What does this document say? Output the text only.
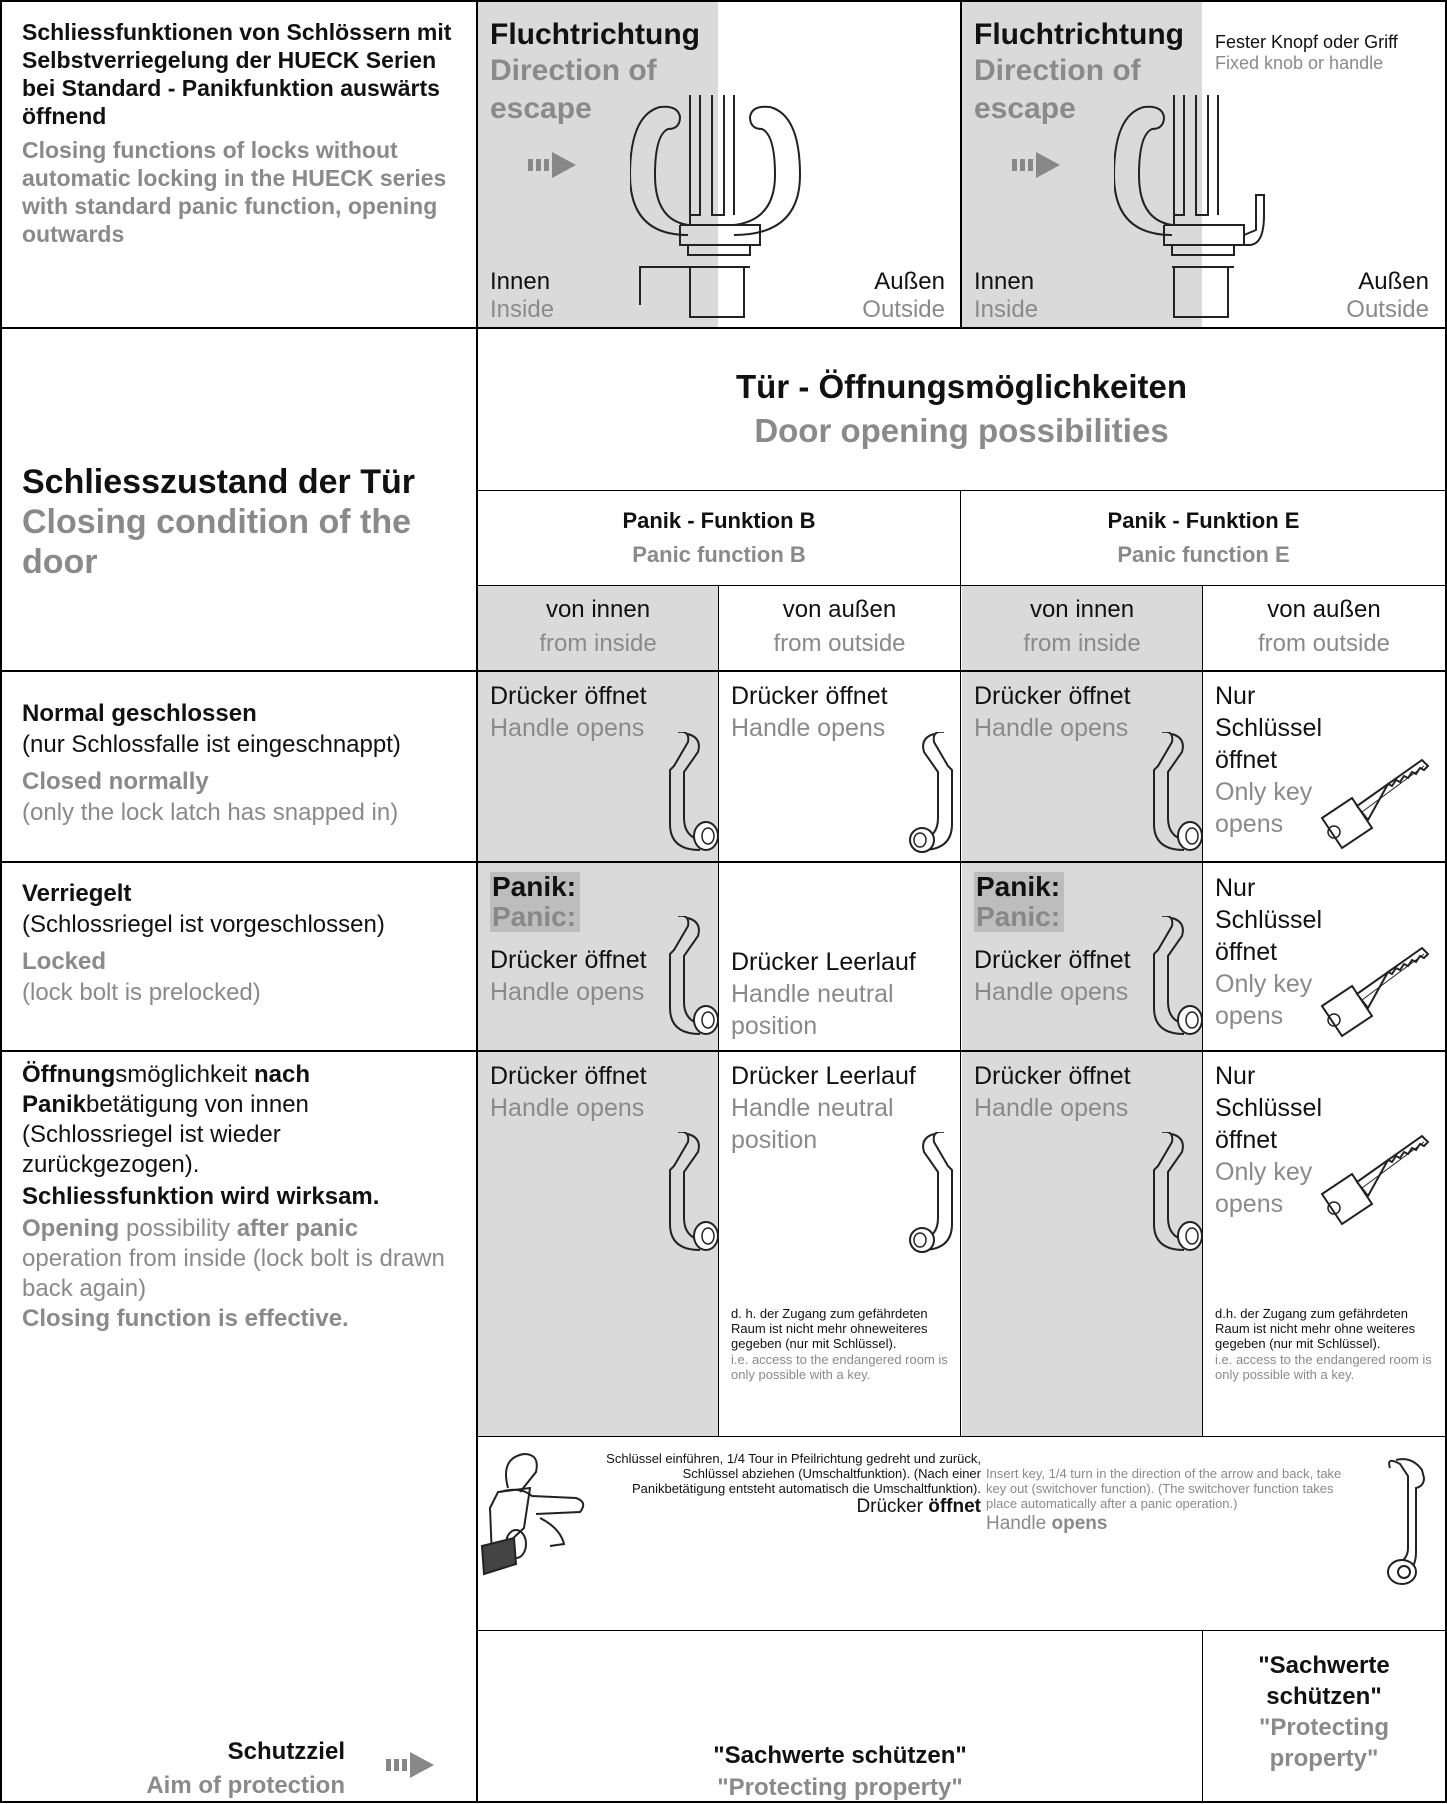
Schliessfunktionen von Schlössern mit Selbstverriegelung der HUECK Serien bei Standard - Panikfunktion auswärts öffnend
Closing functions of locks without automatic locking in the HUECK series with standard panic function, opening outwards
Fluchtrichtung
Direction of escape
Innen
Inside
Außen
Outside
Fluchtrichtung
Direction of escape
Fester Knopf oder Griff
Fixed knob or handle
Innen
Inside
Außen
Outside
Schliesszustand der Tür
Closing condition of the door
Tür - Öffnungsmöglichkeiten
Door opening possibilities
Panik - Funktion B
Panic function B
Panik - Funktion E
Panic function E
von innen
from inside
von außen
from outside
von innen
from inside
von außen
from outside
Normal geschlossen
(nur Schlossfalle ist eingeschnappt)
Closed normally
(only the lock latch has snapped in)
Verriegelt
(Schlossriegel ist vorgeschlossen)
Locked
(lock bolt is prelocked)
Öffnungsmöglichkeit nach
Panikbetätigung von innen
(Schlossriegel ist wieder zurückgezogen).
Schliessfunktion wird wirksam.
Opening possibility after panic
operation from inside (lock bolt is drawn back again)
Closing function is effective.
Drücker öffnet
Handle opens
Drücker öffnet
Handle opens
Drücker öffnet
Handle opens
Nur Schlüssel öffnet
Only key opens
Panik:
Panic:
Drücker öffnet
Handle opens
Drücker Leerlauf
Handle neutral position
Panik:
Panic:
Drücker öffnet
Handle opens
Nur Schlüssel öffnet
Only key opens
Drücker öffnet
Handle opens
Drücker Leerlauf
Handle neutral position
d. h. der Zugang zum gefährdeten Raum ist nicht mehr ohneweiteres gegeben (nur mit Schlüssel).
i.e. access to the endangered room is only possible with a key.
Drücker öffnet
Handle opens
Nur Schlüssel öffnet
Only key opens
d.h. der Zugang zum gefährdeten Raum ist nicht mehr ohne weiteres gegeben (nur mit Schlüssel).
i.e. access to the endangered room is only possible with a key.
Schlüssel einführen, 1/4 Tour in Pfeilrichtung gedreht und zurück, Schlüssel abziehen (Umschaltfunktion). (Nach einer Panikbetätigung entsteht automatisch die Umschaltfunktion).
Drücker öffnet
Insert key, 1/4 turn in the direction of the arrow and back, take key out (switchover function). (The switchover function takes place automatically after a panic operation.)
Handle opens
Schutzziel
Aim of protection
"Sachwerte schützen"
"Protecting property"
"Sachwerte schützen"
"Protecting property"
